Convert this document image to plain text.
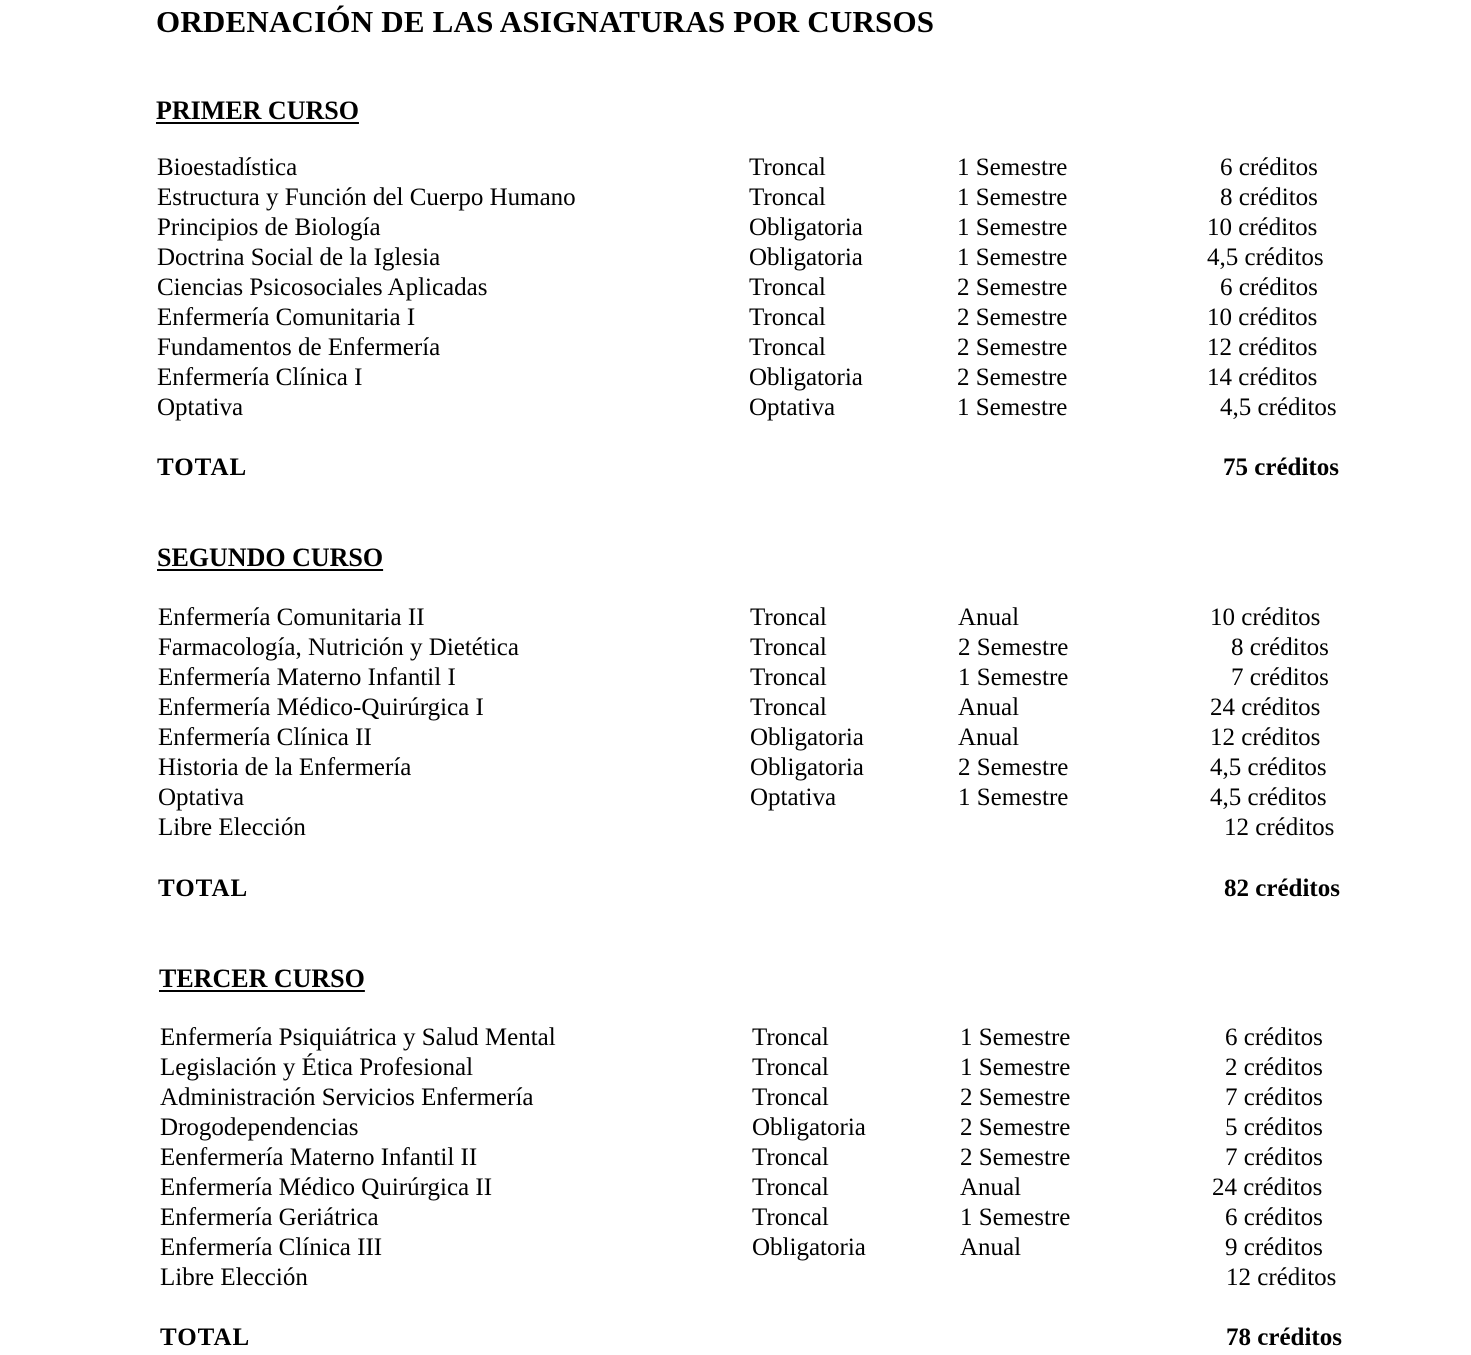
ORDENACIÓN DE LAS ASIGNATURAS POR CURSOS
PRIMER CURSO
Bioestadística	Troncal	1 Semestre	6 créditos
Estructura y Función del Cuerpo Humano	Troncal	1 Semestre	8 créditos
Principios de Biología	Obligatoria	1 Semestre	10 créditos
Doctrina Social de la Iglesia	Obligatoria	1 Semestre	4,5 créditos
Ciencias Psicosociales Aplicadas	Troncal	2 Semestre	6 créditos
Enfermería Comunitaria I	Troncal	2 Semestre	10 créditos
Fundamentos de Enfermería	Troncal	2 Semestre	12 créditos
Enfermería Clínica I	Obligatoria	2 Semestre	14 créditos
Optativa	Optativa	1 Semestre	4,5 créditos
TOTAL	75 créditos
SEGUNDO CURSO
Enfermería Comunitaria II	Troncal	Anual	10 créditos
Farmacología, Nutrición y Dietética	Troncal	2 Semestre	8 créditos
Enfermería Materno Infantil I	Troncal	1 Semestre	7 créditos
Enfermería Médico-Quirúrgica I	Troncal	Anual	24 créditos
Enfermería Clínica II	Obligatoria	Anual	12 créditos
Historia de la Enfermería	Obligatoria	2 Semestre	4,5 créditos
Optativa	Optativa	1 Semestre	4,5 créditos
Libre Elección	12 créditos
TOTAL	82 créditos
TERCER CURSO
Enfermería Psiquiátrica y Salud Mental	Troncal	1 Semestre	6 créditos
Legislación y Ética Profesional	Troncal	1 Semestre	2 créditos
Administración Servicios Enfermería	Troncal	2 Semestre	7 créditos
Drogodependencias	Obligatoria	2 Semestre	5 créditos
Eenfermería Materno Infantil II	Troncal	2 Semestre	7 créditos
Enfermería Médico Quirúrgica II	Troncal	Anual	24 créditos
Enfermería Geriátrica	Troncal	1 Semestre	6 créditos
Enfermería Clínica III	Obligatoria	Anual	9 créditos
Libre Elección	12 créditos
TOTAL	78 créditos
